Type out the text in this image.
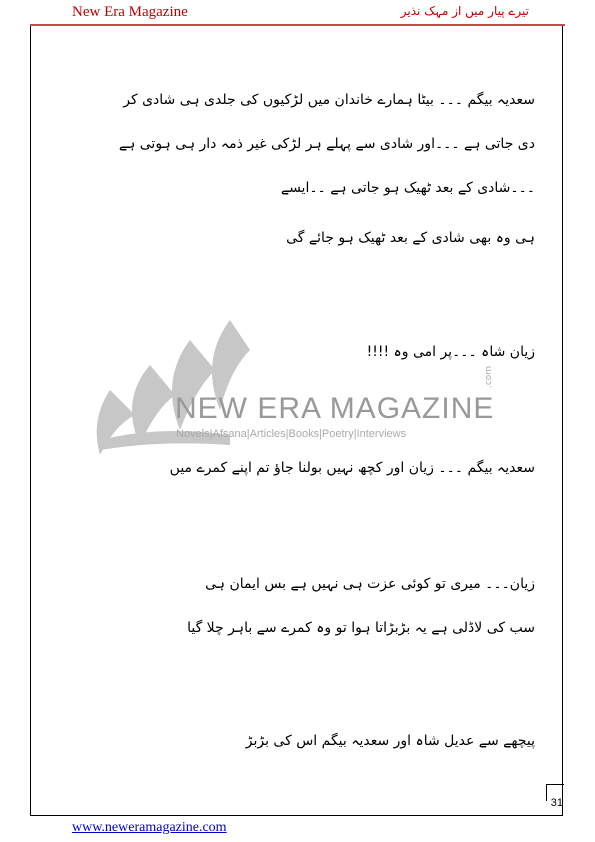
New Era Magazine	تیرے پیار میں از مہک نذیر
NEW ERA MAGAZINE
.com
Novels|Afsana|Articles|Books|Poetry|Interviews
سعدیہ بیگم ۔۔۔ بیٹا ہمارے خاندان میں لڑکیوں کی جلدی ہی شادی کر
دی جاتی ہے ۔۔۔اور شادی سے پہلے ہر لڑکی غیر ذمہ دار ہی ہوتی ہے
۔۔۔شادی کے بعد ٹھیک ہو جاتی ہے ۔۔ایسے
ہی وہ بھی شادی کے بعد ٹھیک ہو جائے گی
زیان شاہ ۔۔۔پر امی وہ !!!!
سعدیہ بیگم ۔۔۔ زیان اور کچھ نہیں بولنا جاؤ تم اپنے کمرے میں
زیان۔۔۔ میری تو کوئی عزت ہی نہیں ہے بس ایمان ہی
سب کی لاڈلی ہے یہ بڑبڑاتا ہوا تو وہ کمرے سے باہر چلا گیا
پیچھے سے عدیل شاہ اور سعدیہ بیگم اس کی بڑبڑ
31
www.neweramagazine.com
